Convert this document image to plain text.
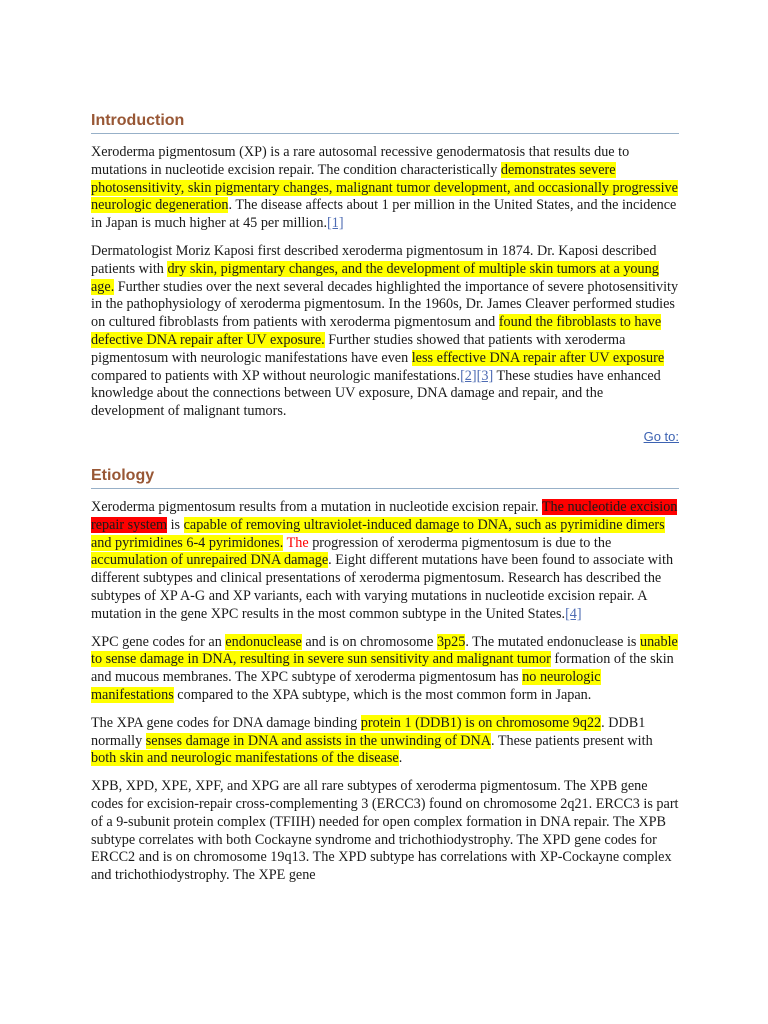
Introduction

Xeroderma pigmentosum (XP) is a rare autosomal recessive genodermatosis that results due to mutations in nucleotide excision repair. The condition characteristically demonstrates severe photosensitivity, skin pigmentary changes, malignant tumor development, and occasionally progressive neurologic degeneration. The disease affects about 1 per million in the United States, and the incidence in Japan is much higher at 45 per million.[1]

Dermatologist Moriz Kaposi first described xeroderma pigmentosum in 1874. Dr. Kaposi described patients with dry skin, pigmentary changes, and the development of multiple skin tumors at a young age. Further studies over the next several decades highlighted the importance of severe photosensitivity in the pathophysiology of xeroderma pigmentosum. In the 1960s, Dr. James Cleaver performed studies on cultured fibroblasts from patients with xeroderma pigmentosum and found the fibroblasts to have defective DNA repair after UV exposure. Further studies showed that patients with xeroderma pigmentosum with neurologic manifestations have even less effective DNA repair after UV exposure compared to patients with XP without neurologic manifestations.[2][3] These studies have enhanced knowledge about the connections between UV exposure, DNA damage and repair, and the development of malignant tumors.

Go to:
Etiology

Xeroderma pigmentosum results from a mutation in nucleotide excision repair. The nucleotide excision repair system is capable of removing ultraviolet-induced damage to DNA, such as pyrimidine dimers and pyrimidines 6-4 pyrimidones. The progression of xeroderma pigmentosum is due to the accumulation of unrepaired DNA damage. Eight different mutations have been found to associate with different subtypes and clinical presentations of xeroderma pigmentosum. Research has described the subtypes of XP A-G and XP variants, each with varying mutations in nucleotide excision repair. A mutation in the gene XPC results in the most common subtype in the United States.[4]

XPC gene codes for an endonuclease and is on chromosome 3p25. The mutated endonuclease is unable to sense damage in DNA, resulting in severe sun sensitivity and malignant tumor formation of the skin and mucous membranes. The XPC subtype of xeroderma pigmentosum has no neurologic manifestations compared to the XPA subtype, which is the most common form in Japan.

The XPA gene codes for DNA damage binding protein 1 (DDB1) is on chromosome 9q22. DDB1 normally senses damage in DNA and assists in the unwinding of DNA. These patients present with both skin and neurologic manifestations of the disease.

XPB, XPD, XPE, XPF, and XPG are all rare subtypes of xeroderma pigmentosum. The XPB gene codes for excision-repair cross-complementing 3 (ERCC3) found on chromosome 2q21. ERCC3 is part of a 9-subunit protein complex (TFIIH) needed for open complex formation in DNA repair. The XPB subtype correlates with both Cockayne syndrome and trichothiodystrophy. The XPD gene codes for ERCC2 and is on chromosome 19q13. The XPD subtype has correlations with XP-Cockayne complex and trichothiodystrophy. The XPE gene
